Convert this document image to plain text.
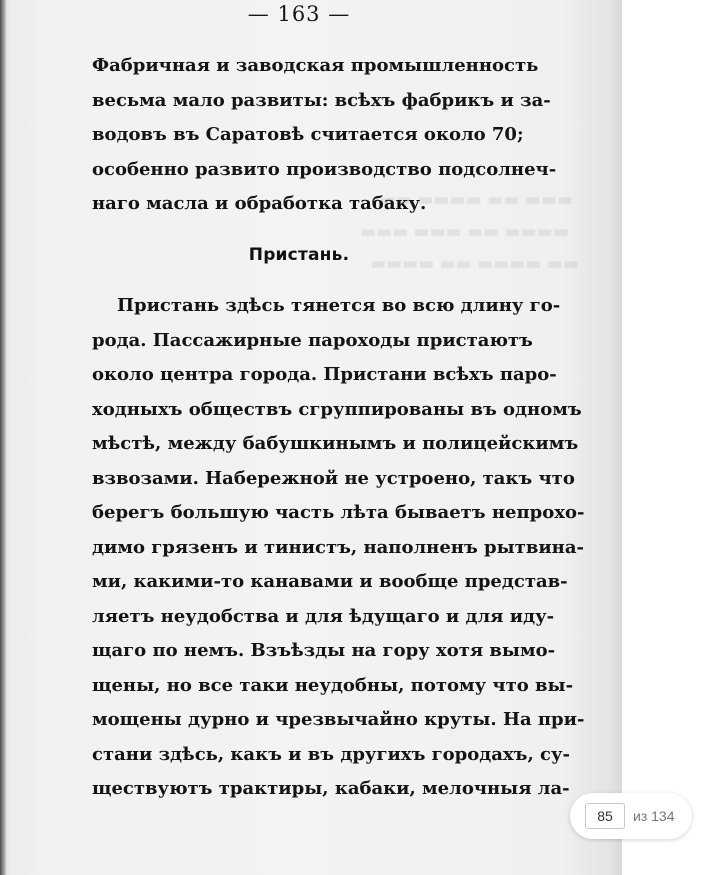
▬▬▬ ▬▬ ▬▬▬▬ ▬▬
▬▬▬▬ ▬▬ ▬▬▬ ▬▬▬
▬▬ ▬▬▬▬ ▬▬ ▬▬▬▬
— 163 —
Фабричная и заводская промышленность
весьма мало развиты: всѣхъ фабрикъ и за-
водовъ въ Саратовѣ считается около 70;
особенно развито производство подсолнеч-
наго масла и обработка табаку.
Пристань.
Пристань здѣсь тянется во всю длину го-
рода. Пассажирные пароходы пристаютъ
около центра города. Пристани всѣхъ паро-
ходныхъ обществъ сгруппированы въ одномъ
мѣстѣ, между бабушкинымъ и полицейскимъ
взвозами. Набережной не устроено, такъ что
берегъ большую часть лѣта бываетъ непрохо-
димо грязенъ и тинистъ, наполненъ рытвина-
ми, какими-то канавами и вообще представ-
ляетъ неудобства и для ѣдущаго и для иду-
щаго по немъ. Взъѣзды на гору хотя вымо-
щены, но все таки неудобны, потому что вы-
мощены дурно и чрезвычайно круты. На при-
стани здѣсь, какъ и въ другихъ городахъ, су-
ществуютъ трактиры, кабаки, мелочныя ла-
85
из 134
